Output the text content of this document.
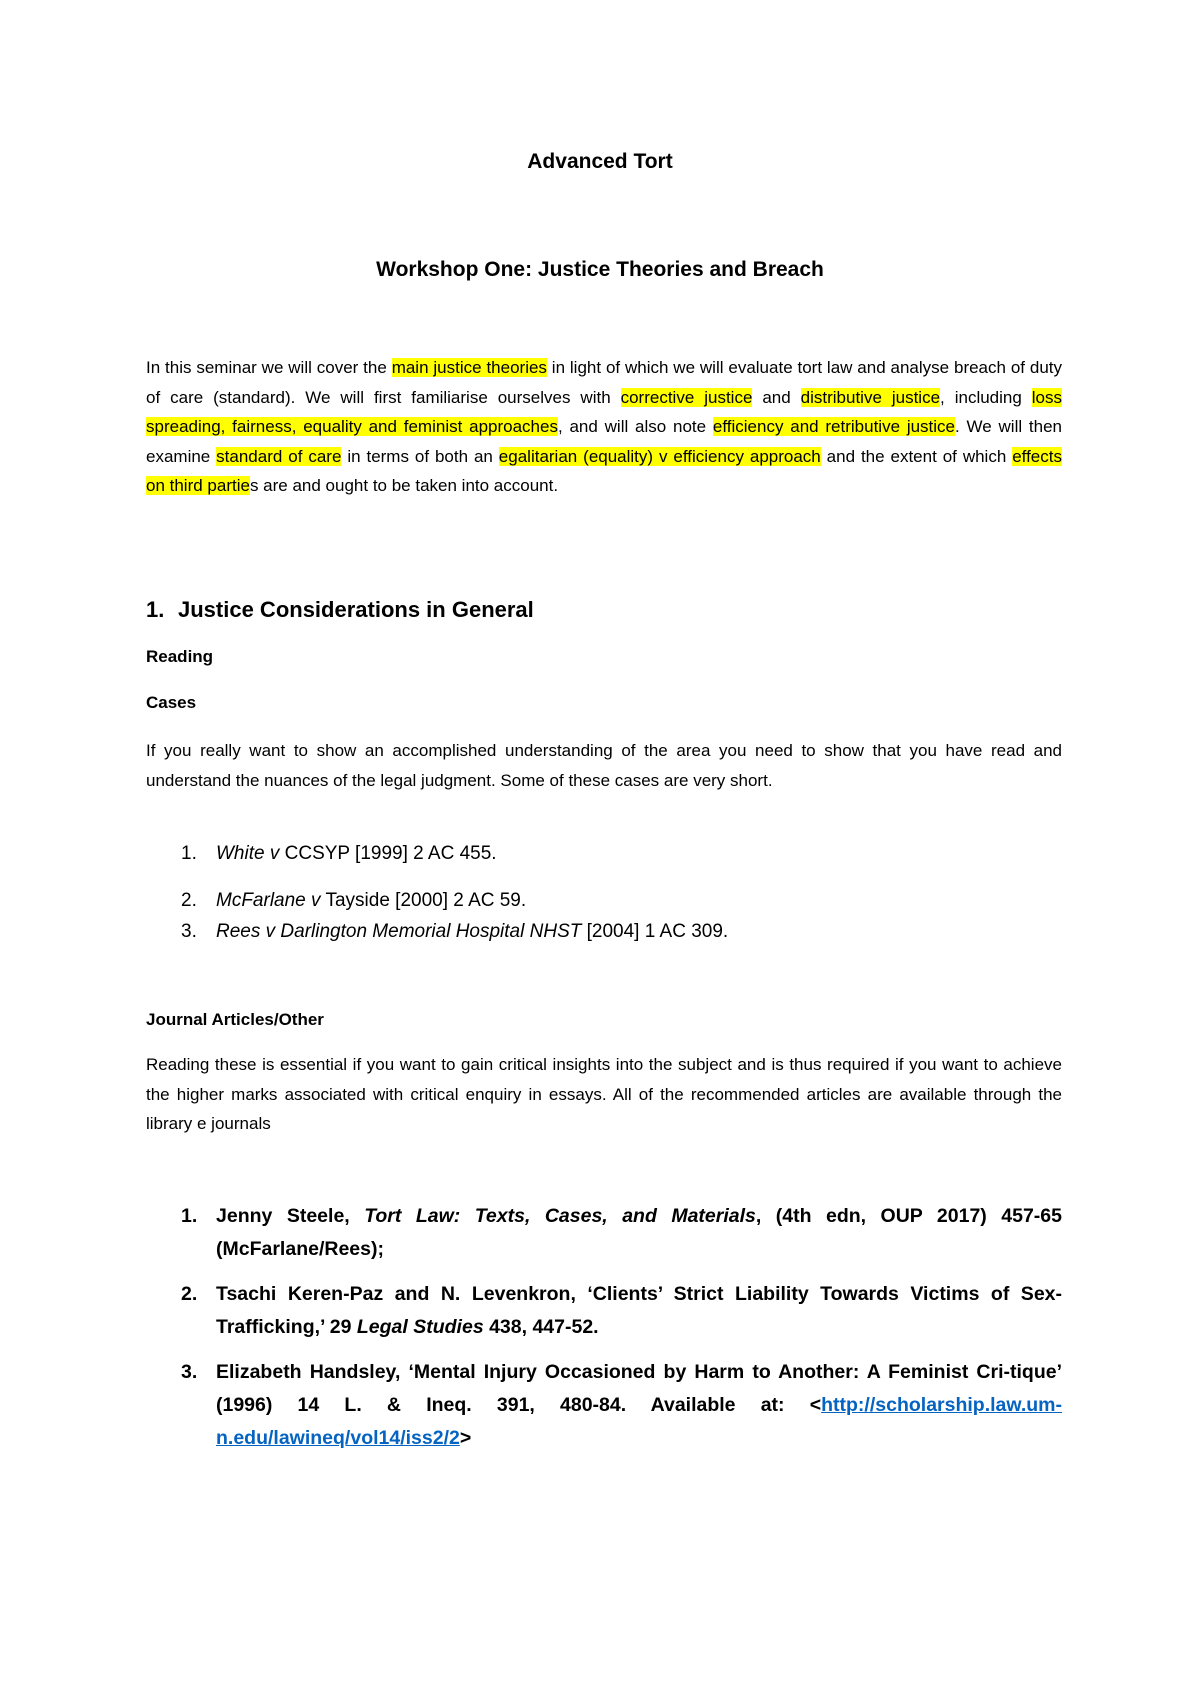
Advanced Tort
Workshop One: Justice Theories and Breach
In this seminar we will cover the main justice theories in light of which we will evaluate tort law and analyse breach of duty of care (standard). We will first familiarise ourselves with corrective justice and distributive justice, including loss spreading, fairness, equality and feminist approaches, and will also note efficiency and retributive justice. We will then examine standard of care in terms of both an egalitarian (equality) v efficiency approach and the extent of which effects on third parties are and ought to be taken into account.
1. Justice Considerations in General
Reading
Cases
If you really want to show an accomplished understanding of the area you need to show that you have read and understand the nuances of the legal judgment. Some of these cases are very short.
1. White v CCSYP [1999] 2 AC 455.
2. McFarlane v Tayside [2000] 2 AC 59.
3. Rees v Darlington Memorial Hospital NHST [2004] 1 AC 309.
Journal Articles/Other
Reading these is essential if you want to gain critical insights into the subject and is thus required if you want to achieve the higher marks associated with critical enquiry in essays. All of the recommended articles are available through the library e journals
1. Jenny Steele, Tort Law: Texts, Cases, and Materials, (4th edn, OUP 2017) 457-65 (McFarlane/Rees);
2. Tsachi Keren-Paz and N. Levenkron, ‘Clients’ Strict Liability Towards Victims of Sex-Trafficking,’ 29 Legal Studies 438, 447-52.
3. Elizabeth Handsley, ‘Mental Injury Occasioned by Harm to Another: A Feminist Cri-tique’ (1996) 14 L. & Ineq. 391, 480-84. Available at: <http://scholarship.law.um-n.edu/lawineq/vol14/iss2/2>
